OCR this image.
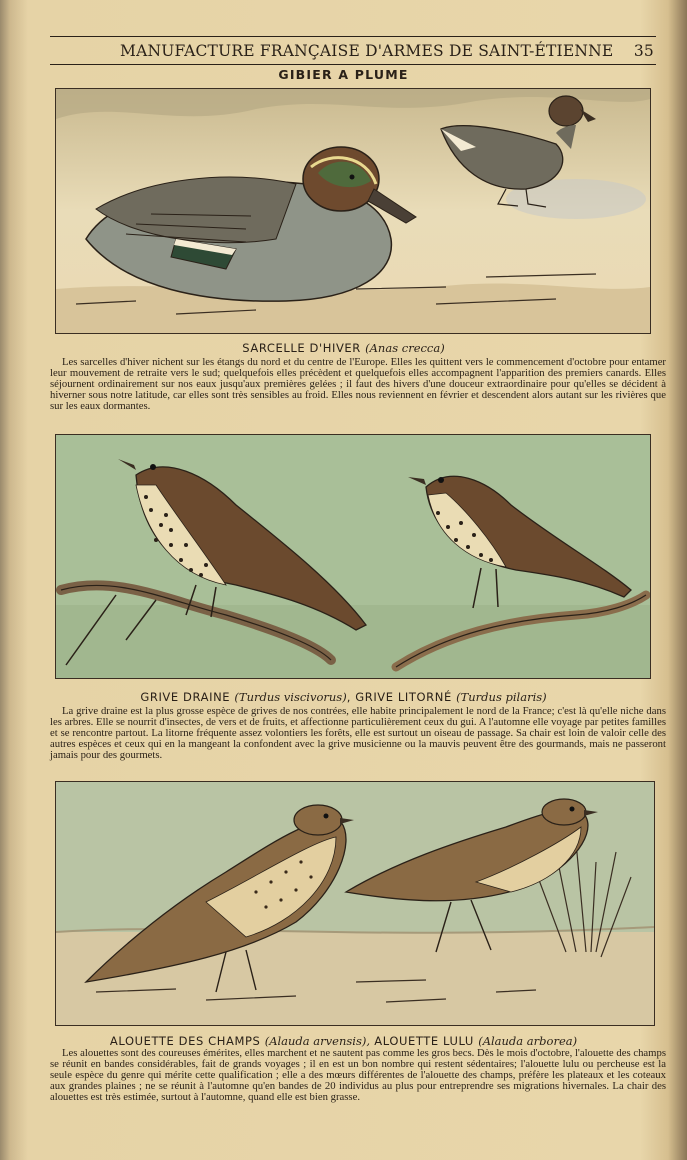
MANUFACTURE FRANÇAISE D'ARMES DE SAINT-ÉTIENNE 35
GIBIER A PLUME
SARCELLE D'HIVER (Anas crecca)
Les sarcelles d'hiver nichent sur les étangs du nord et du centre de l'Europe. Elles les quittent vers le commencement d'octobre pour entamer leur mouvement de retraite vers le sud; quelquefois elles précèdent et quelquefois elles accompagnent l'apparition des premiers canards. Elles séjournent ordinairement sur nos eaux jusqu'aux premières gelées ; il faut des hivers d'une douceur extraordinaire pour qu'elles se décident à hiverner sous notre latitude, car elles sont très sensibles au froid. Elles nous reviennent en février et descendent alors autant sur les rivières que sur les eaux dormantes.
GRIVE DRAINE (Turdus viscivorus), GRIVE LITORNÉ (Turdus pilaris)
La grive draine est la plus grosse espèce de grives de nos contrées, elle habite principalement le nord de la France; c'est là qu'elle niche dans les arbres. Elle se nourrit d'insectes, de vers et de fruits, et affectionne particulièrement ceux du gui. A l'automne elle voyage par petites familles et se rencontre partout. La litorne fréquente assez volontiers les forêts, elle est surtout un oiseau de passage. Sa chair est loin de valoir celle des autres espèces et ceux qui en la mangeant la confondent avec la grive musicienne ou la mauvis peuvent être des gourmands, mais ne passeront jamais pour des gourmets.
ALOUETTE DES CHAMPS (Alauda arvensis), ALOUETTE LULU (Alauda arborea)
Les alouettes sont des coureuses émérites, elles marchent et ne sautent pas comme les gros becs. Dès le mois d'octobre, l'alouette des champs se réunit en bandes considérables, fait de grands voyages ; il en est un bon nombre qui restent sédentaires; l'alouette lulu ou percheuse est la seule espèce du genre qui mérite cette qualification ; elle a des mœurs différentes de l'alouette des champs, préfère les plateaux et les coteaux aux grandes plaines ; ne se réunit à l'automne qu'en bandes de 20 individus au plus pour entreprendre ses migrations hivernales. La chair des alouettes est très estimée, surtout à l'automne, quand elle est bien grasse.
